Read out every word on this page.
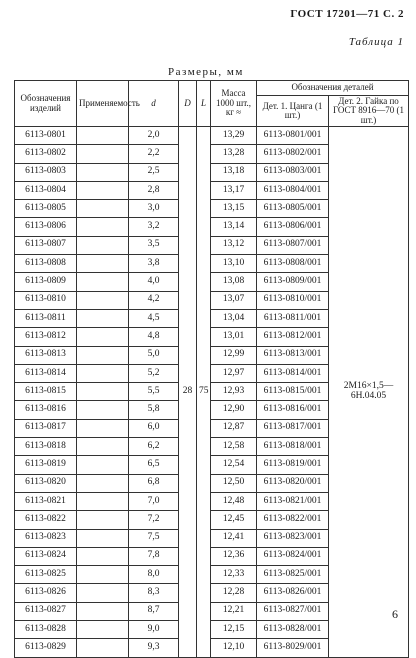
ГОСТ 17201—71 С. 2
Таблица 1
Размеры, мм
Обозначения изделий	Применяемость	d	D	L	Масса 1000 шт., кг ≈	Обозначения деталей	
						Дет. 1. Цанга (1 шт.)	Дет. 2. Гайка по ГОСТ 8916—70 (1 шт.)
6113-0801		2,0	28	75	13,29	6113-0801/001	2М16×1,5—6Н.04.05
6113-0802		2,2			13,28	6113-0802/001	
6113-0803		2,5			13,18	6113-0803/001	
6113-0804		2,8			13,17	6113-0804/001	
6113-0805		3,0			13,15	6113-0805/001	
6113-0806		3,2			13,14	6113-0806/001	
6113-0807		3,5			13,12	6113-0807/001	
6113-0808		3,8			13,10	6113-0808/001	
6113-0809		4,0			13,08	6113-0809/001	
6113-0810		4,2			13,07	6113-0810/001	
6113-0811		4,5			13,04	6113-0811/001	
6113-0812		4,8			13,01	6113-0812/001	
6113-0813		5,0			12,99	6113-0813/001	
6113-0814		5,2			12,97	6113-0814/001	
6113-0815		5,5			12,93	6113-0815/001	
6113-0816		5,8			12,90	6113-0816/001	
6113-0817		6,0			12,87	6113-0817/001	
6113-0818		6,2			12,58	6113-0818/001	
6113-0819		6,5			12,54	6113-0819/001	
6113-0820		6,8			12,50	6113-0820/001	
6113-0821		7,0			12,48	6113-0821/001	
6113-0822		7,2			12,45	6113-0822/001	
6113-0823		7,5			12,41	6113-0823/001	
6113-0824		7,8			12,36	6113-0824/001	
6113-0825		8,0			12,33	6113-0825/001	
6113-0826		8,3			12,28	6113-0826/001	
6113-0827		8,7			12,21	6113-0827/001	
6113-0828		9,0			12,15	6113-0828/001	
6113-0829		9,3			12,10	6113-8029/001	
6
